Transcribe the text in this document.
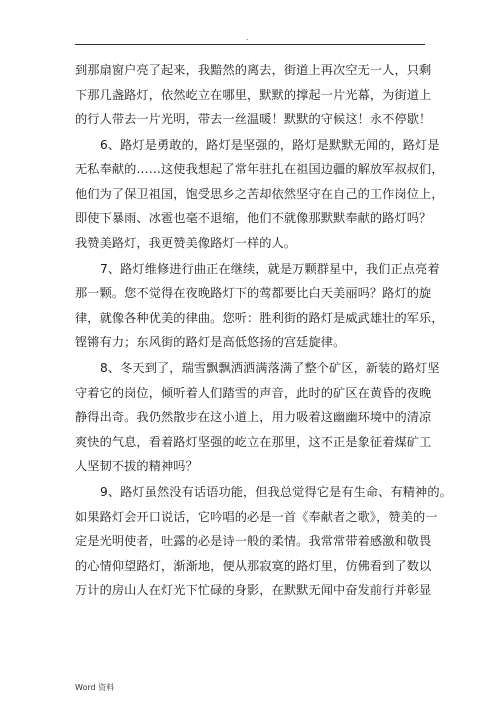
.
到那扇窗户亮了起来，我黯然的离去，街道上再次空无一人，只剩
下那几盏路灯，依然屹立在哪里，默默的撑起一片光幕，为街道上
的行人带去一片光明，带去一丝温暖！默默的守候这！永不停歇！
6、路灯是勇敢的，路灯是坚强的，路灯是默默无闻的，路灯是
无私奉献的……这使我想起了常年驻扎在祖国边疆的解放军叔叔们，
他们为了保卫祖国，饱受思乡之苦却依然坚守在自己的工作岗位上，
即使下暴雨、冰雹也毫不退缩，他们不就像那默默奉献的路灯吗？
我赞美路灯，我更赞美像路灯一样的人。
7、路灯维修进行曲正在继续，就是万颗群星中，我们正点亮着
那一颗。您不觉得在夜晚路灯下的莺都要比白天美丽吗？路灯的旋
律，就像各种优美的律曲。您听：胜利街的路灯是威武雄壮的军乐，
铿锵有力；东风街的路灯是高低悠扬的宫廷旋律。
8、冬天到了，瑞雪飘飘洒洒满落满了整个矿区，新装的路灯坚
守着它的岗位，倾听着人们踏雪的声音，此时的矿区在黄昏的夜晚
静得出奇。我仍然散步在这小道上，用力吸着这幽幽环境中的清凉
爽快的气息，看着路灯坚强的屹立在那里，这不正是象征着煤矿工
人坚韧不拔的精神吗？
9、路灯虽然没有话语功能，但我总觉得它是有生命、有精神的。
如果路灯会开口说话，它吟唱的必是一首《奉献者之歌》，赞美的一
定是光明使者，吐露的必是诗一般的柔情。我常常带着感激和敬畏
的心情仰望路灯，渐渐地，便从那寂寞的路灯里，仿佛看到了数以
万计的房山人在灯光下忙碌的身影，在默默无闻中奋发前行并彰显
Word 资料
